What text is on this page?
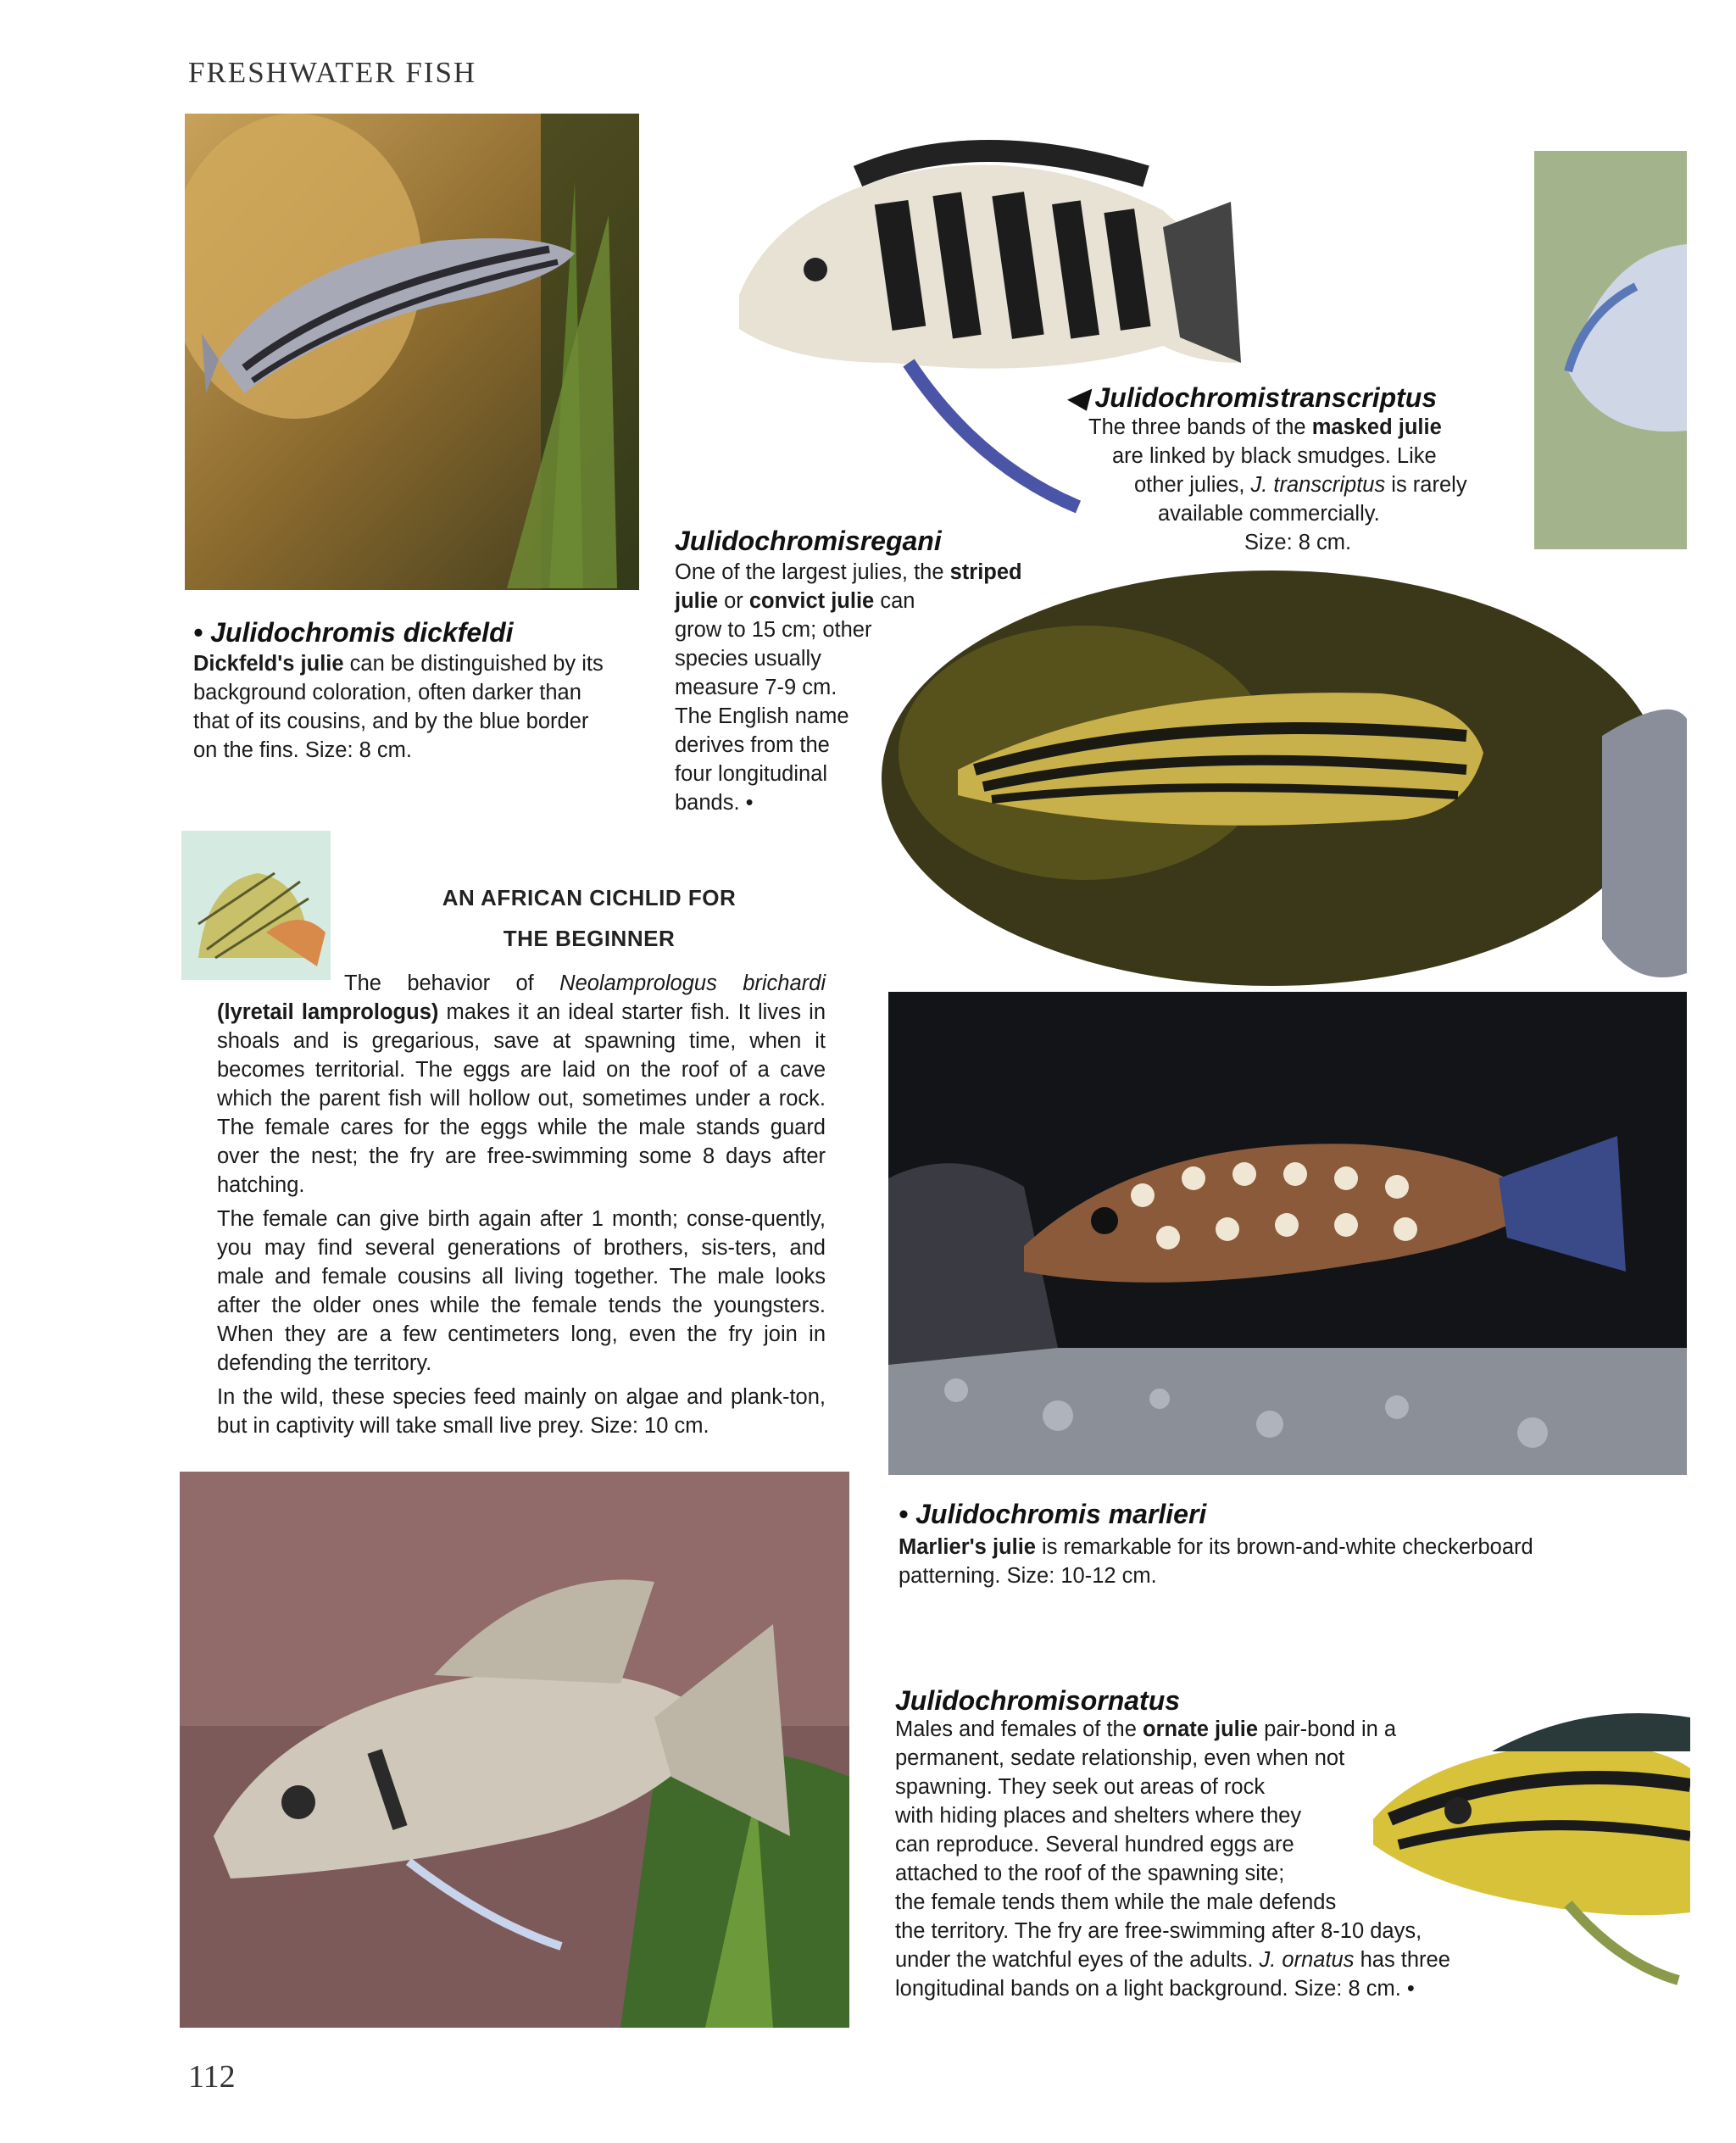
FRESHWATER FISH
• Julidochromis dickfeldi
Dickfeld's julie can be distinguished by its
background coloration, often darker than
that of its cousins, and by the blue border
on the fins. Size: 8 cm.
Julidochromisregani
One of the largest julies, the striped
julie or convict julie can
grow to 15 cm; other
species usually
measure 7-9 cm.
The English name
derives from the
four longitudinal
bands. •
◀ Julidochromistranscriptus
The three bands of the masked julie
are linked by black smudges. Like
other julies, J. transcriptus is rarely
available commercially.
Size: 8 cm.
AN AFRICAN CICHLID FOR
THE BEGINNER

The behavior of Neolamprologus brichardi (lyretail lamprologus) makes it an ideal starter fish. It lives in shoals and is gregarious, save at spawning time, when it becomes territorial. The eggs are laid on the roof of a cave which the parent fish will hollow out, sometimes under a rock. The female cares for the eggs while the male stands guard over the nest; the fry are free-swimming some 8 days after hatching.

The female can give birth again after 1 month; conse-quently, you may find several generations of brothers, sis-ters, and male and female cousins all living together. The male looks after the older ones while the female tends the youngsters. When they are a few centimeters long, even the fry join in defending the territory.

In the wild, these species feed mainly on algae and plank-ton, but in captivity will take small live prey. Size: 10 cm.

• Julidochromis marlieri
Marlier's julie is remarkable for its brown-and-white checkerboard patterning. Size: 10-12 cm.
Julidochromisornatus
Males and females of the ornate julie pair-bond in a
permanent, sedate relationship, even when not
spawning. They seek out areas of rock
with hiding places and shelters where they
can reproduce. Several hundred eggs are
attached to the roof of the spawning site;
the female tends them while the male defends
the territory. The fry are free-swimming after 8-10 days,
under the watchful eyes of the adults. J. ornatus has three
longitudinal bands on a light background. Size: 8 cm. •
112
